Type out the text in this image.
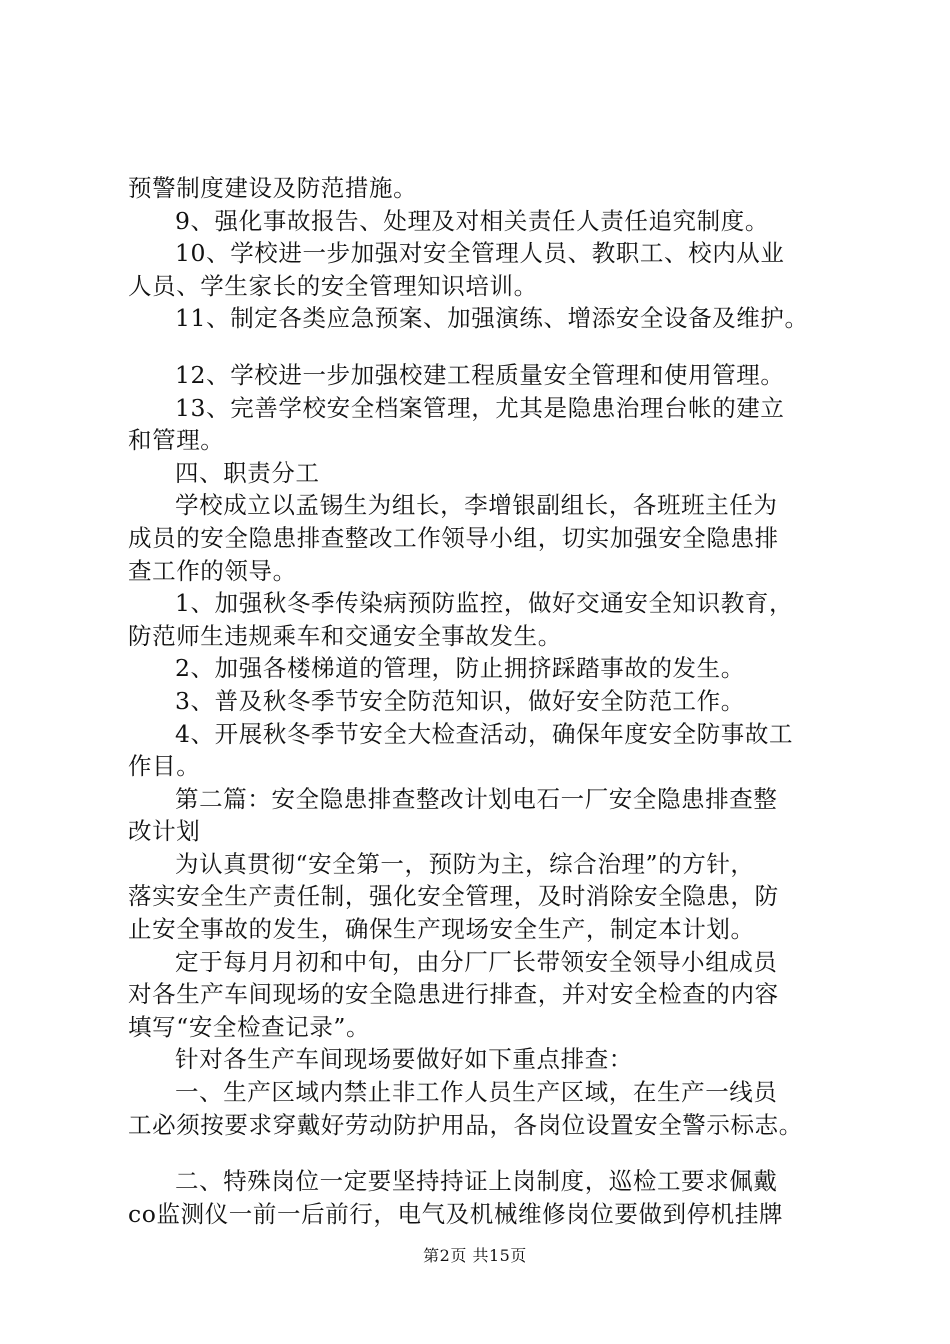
预警制度建设及防范措施。
9、强化事故报告、处理及对相关责任人责任追究制度。
10、学校进一步加强对安全管理人员、教职工、校内从业
人员、学生家长的安全管理知识培训。
11、制定各类应急预案、加强演练、增添安全设备及维护。
12、学校进一步加强校建工程质量安全管理和使用管理。
13、完善学校安全档案管理，尤其是隐患治理台帐的建立
和管理。
四、职责分工
学校成立以孟锡生为组长，李增银副组长，各班班主任为
成员的安全隐患排查整改工作领导小组，切实加强安全隐患排
查工作的领导。
1、加强秋冬季传染病预防监控，做好交通安全知识教育，
防范师生违规乘车和交通安全事故发生。
2、加强各楼梯道的管理，防止拥挤踩踏事故的发生。
3、普及秋冬季节安全防范知识，做好安全防范工作。
4、开展秋冬季节安全大检查活动，确保年度安全防事故工
作目。
第二篇：安全隐患排查整改计划电石一厂安全隐患排查整
改计划
为认真贯彻“安全第一，预防为主，综合治理”的方针，
落实安全生产责任制，强化安全管理，及时消除安全隐患，防
止安全事故的发生，确保生产现场安全生产，制定本计划。
定于每月月初和中旬，由分厂厂长带领安全领导小组成员
对各生产车间现场的安全隐患进行排查，并对安全检查的内容
填写“安全检查记录”。
针对各生产车间现场要做好如下重点排查：
一、生产区域内禁止非工作人员生产区域，在生产一线员
工必须按要求穿戴好劳动防护用品，各岗位设置安全警示标志。
二、特殊岗位一定要坚持持证上岗制度，巡检工要求佩戴
co监测仪一前一后前行，电气及机械维修岗位要做到停机挂牌
第2页 共15页
